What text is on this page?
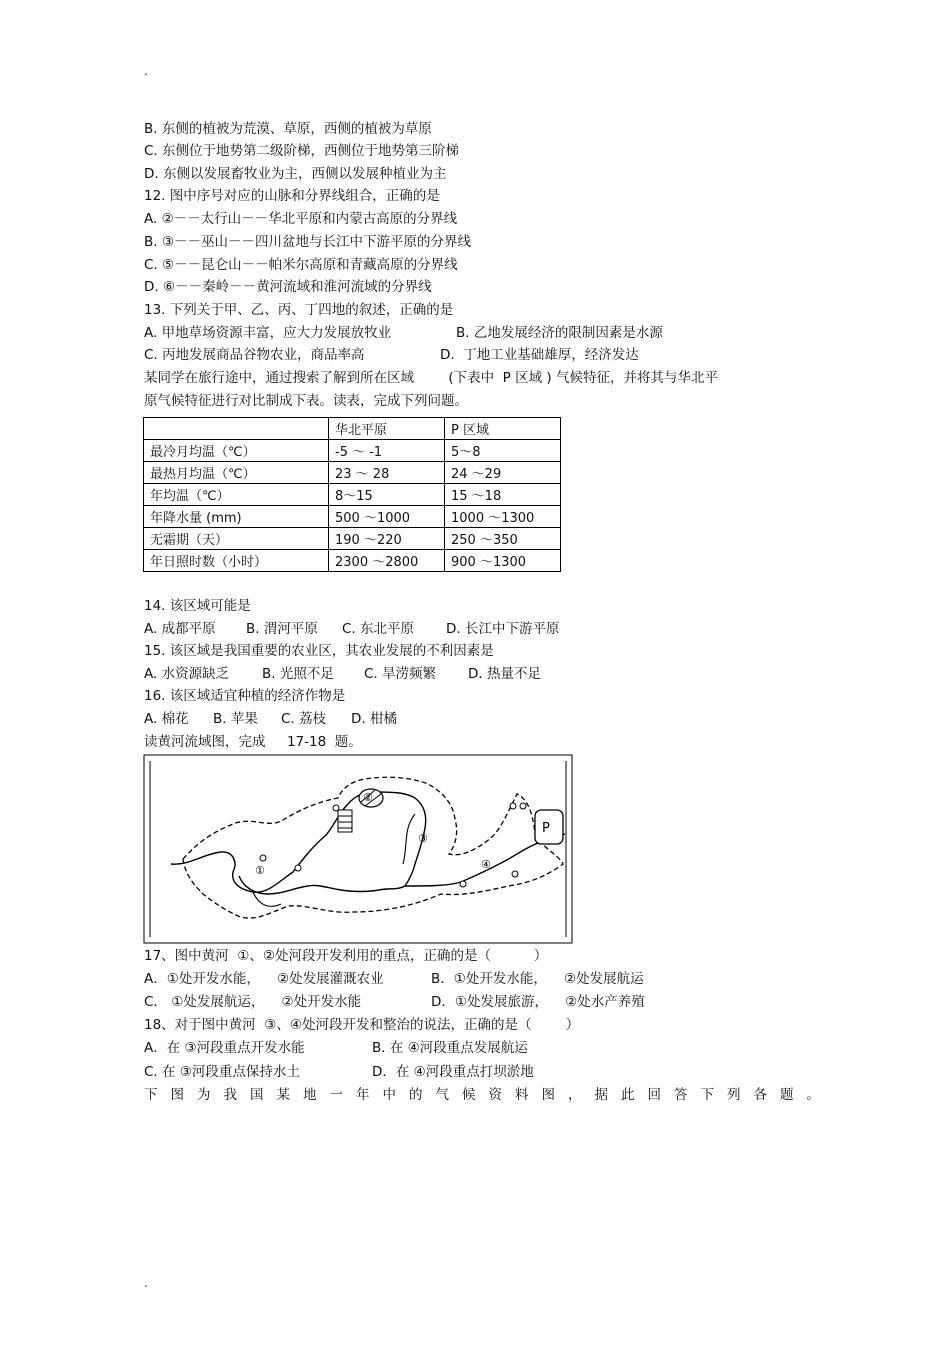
.
B. 东侧的植被为荒漠、草原，西侧的植被为草原
C. 东侧位于地势第二级阶梯，西侧位于地势第三阶梯
D. 东侧以发展畜牧业为主，西侧以发展种植业为主
12. 图中序号对应的山脉和分界线组合，正确的是
A. ②－－太行山－－华北平原和内蒙古高原的分界线
B. ③－－巫山－－四川盆地与长江中下游平原的分界线
C. ⑤－－昆仑山－－帕米尔高原和青藏高原的分界线
D. ⑥－－秦岭－－黄河流域和淮河流域的分界线
13. 下列关于甲、乙、丙、丁四地的叙述，正确的是
A. 甲地草场资源丰富，应大力发展放牧业	B. 乙地发展经济的限制因素是水源
C. 丙地发展商品谷物农业，商品率高	D.  丁地工业基础雄厚，经济发达
某同学在旅行途中，通过搜索了解到所在区域        (下表中  P 区域 ) 气候特征，并将其与华北平
原气候特征进行对比制成下表。读表，完成下列问题。
	华北平原	P 区域
最冷月均温（℃）	-5 ～ -1	5～8
最热月均温（℃）	23 ～ 28	24 ～29
年均温（℃）	8～15	15 ～18
年降水量 (mm)	500 ～1000	1000 ～1300
无霜期（天）	190 ～220	250 ～350
年日照时数（小时）	2300 ～2800	900 ～1300
14. 该区域可能是
A. 成都平原 B. 渭河平原 C. 东北平原 D. 长江中下游平原
15. 该区域是我国重要的农业区，其农业发展的不利因素是
A. 水资源缺乏 B. 光照不足 C. 旱涝频繁 D. 热量不足
16. 该区域适宜种植的经济作物是
A. 棉花 B. 苹果 C. 荔枝 D. 柑橘
读黄河流域图，完成     17-18  题。
①
②
③
④
P
17、图中黄河  ①、②处河段开发利用的重点，正确的是（          ）
A．①处开发水能，    ②处发展灌溉农业	B．①处开发水能，    ②处发展航运
C． ①处发展航运，    ②处开发水能	D．①处发展旅游，    ②处水产养殖
18、对于图中黄河  ③、④处河段开发和整治的说法，正确的是（        ）
A．在 ③河段重点开发水能	B. 在 ④河段重点发展航运
C. 在 ③河段重点保持水土	D．在 ④河段重点打坝淤地
下图为我国某地一年中的气候资料图，据此回答下列各题。
.
